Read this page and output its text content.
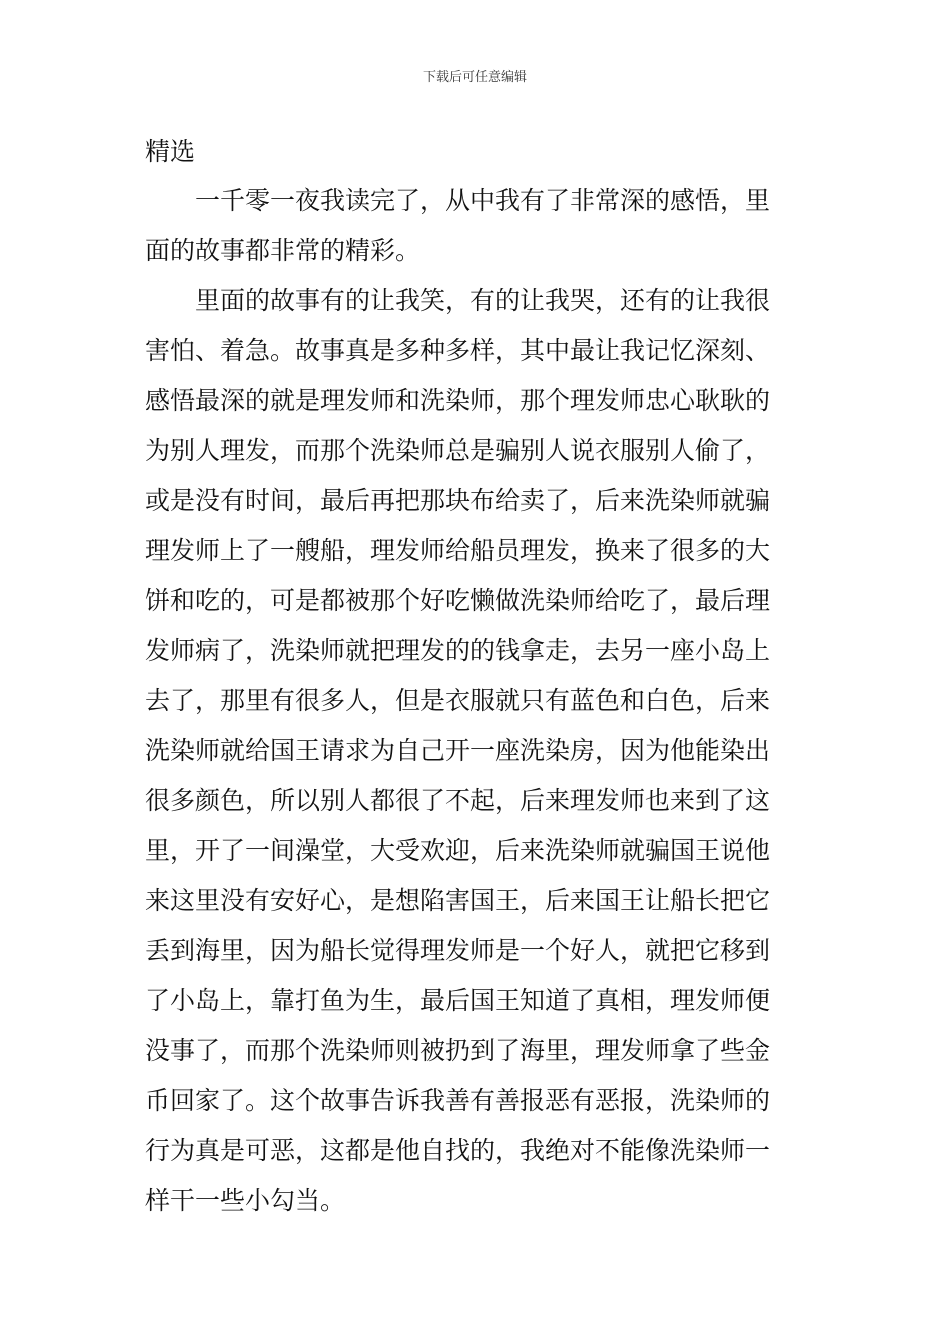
下载后可任意编辑
精选

一千零一夜我读完了，从中我有了非常深的感悟，里
面的故事都非常的精彩。

里面的故事有的让我笑，有的让我哭，还有的让我很
害怕、着急。故事真是多种多样，其中最让我记忆深刻、
感悟最深的就是理发师和洗染师，那个理发师忠心耿耿的
为别人理发，而那个洗染师总是骗别人说衣服别人偷了，
或是没有时间，最后再把那块布给卖了，后来洗染师就骗
理发师上了一艘船，理发师给船员理发，换来了很多的大
饼和吃的，可是都被那个好吃懒做洗染师给吃了，最后理
发师病了，洗染师就把理发的的钱拿走，去另一座小岛上
去了，那里有很多人，但是衣服就只有蓝色和白色，后来
洗染师就给国王请求为自己开一座洗染房，因为他能染出
很多颜色，所以别人都很了不起，后来理发师也来到了这
里，开了一间澡堂，大受欢迎，后来洗染师就骗国王说他
来这里没有安好心，是想陷害国王，后来国王让船长把它
丢到海里，因为船长觉得理发师是一个好人，就把它移到
了小岛上，靠打鱼为生，最后国王知道了真相，理发师便
没事了，而那个洗染师则被扔到了海里，理发师拿了些金
币回家了。这个故事告诉我善有善报恶有恶报，洗染师的
行为真是可恶，这都是他自找的，我绝对不能像洗染师一
样干一些小勾当。
